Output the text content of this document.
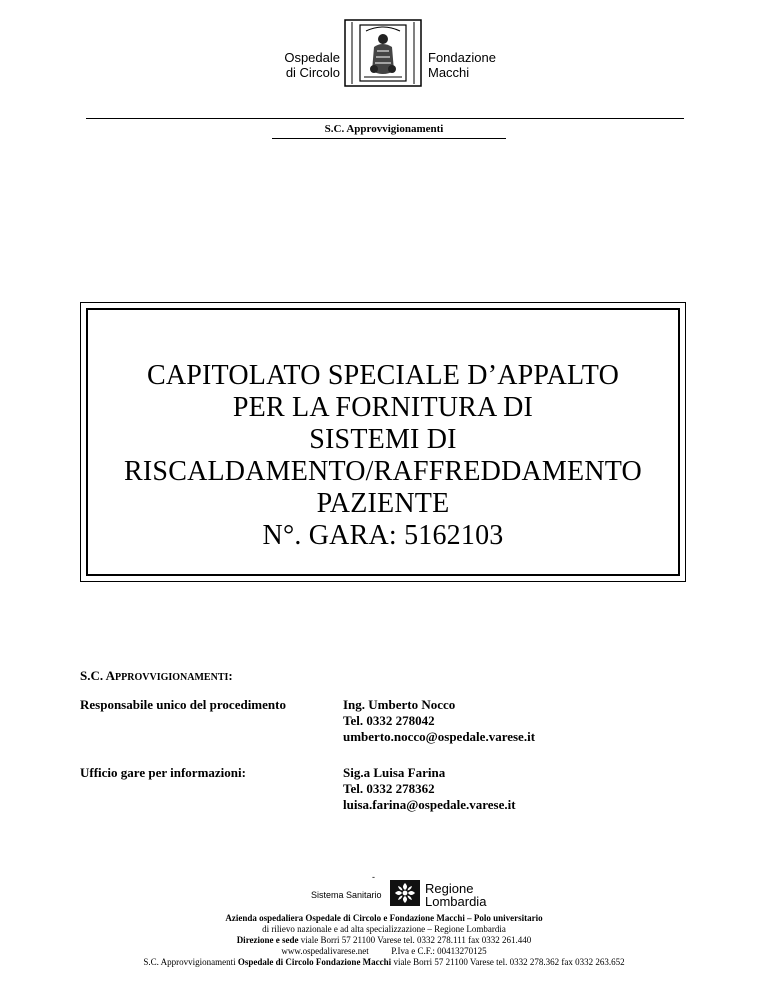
Ospedale
di Circolo
Fondazione
Macchi
S.C. Approvvigionamenti
CAPITOLATO SPECIALE D’APPALTO
PER LA FORNITURA DI
SISTEMI DI
RISCALDAMENTO/RAFFREDDAMENTO
PAZIENTE
N°. GARA: 5162103
S.C. APPROVVIGIONAMENTI:
Responsabile unico del procedimento	Ing. Umberto Nocco
Tel. 0332 278042
umberto.nocco@ospedale.varese.it
Ufficio gare per informazioni:	Sig.a Luisa Farina
Tel. 0332 278362
luisa.farina@ospedale.varese.it
-
Sistema Sanitario	Regione
Lombardia
Azienda ospedaliera Ospedale di Circolo e Fondazione Macchi – Polo universitario
di rilievo nazionale e ad alta specializzazione – Regione Lombardia
Direzione e sede viale Borri 57 21100 Varese tel. 0332 278.111 fax 0332 261.440
www.ospedalivarese.net          P.Iva e C.F.: 00413270125
S.C. Approvvigionamenti Ospedale di Circolo Fondazione Macchi viale Borri 57 21100 Varese tel. 0332 278.362 fax 0332 263.652
